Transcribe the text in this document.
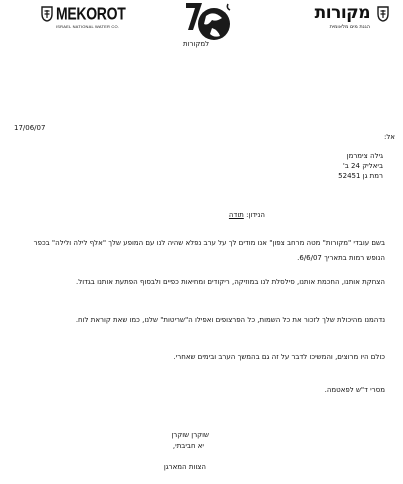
MEKOROT
ISRAEL NATIONAL WATER CO.
למקורות
מקורות
הגנת מים מלאומית
17/06/07
אל:
גילה צימרמן
ביאליק 24 ב'
רמת גן 52451
הנידון: תודה
בשם עובדי "מקורות" מטה מרחב צפון" אנו מודים לך על ערב נפלא שהיה לנו עם המופע שלך "אלף לילה ולילה" בכפר הנופש רמות בתאריך 6/6/07.
הצחקת אותנו, החכמת אותנו, סילסלת לנו במוזיקה, ריקודים ומחיאות כפיים ולבסוף הפתעת אותנו בגדול.
נדהמנו מהיכולת שלך לזכור את כל השמות, כל הפרצופים ואפילו ה"שריטות" שלנו, כמו שאת קוראת לוח.
כולם היו מרוצים, והמשיכו לדבר על זה גם בהמשך הערב ובימים שאחרי.
מסרי ד"ש לפאטמה.
שוקרן שוקרן
יא חביבתי,
הצוות המארגן
